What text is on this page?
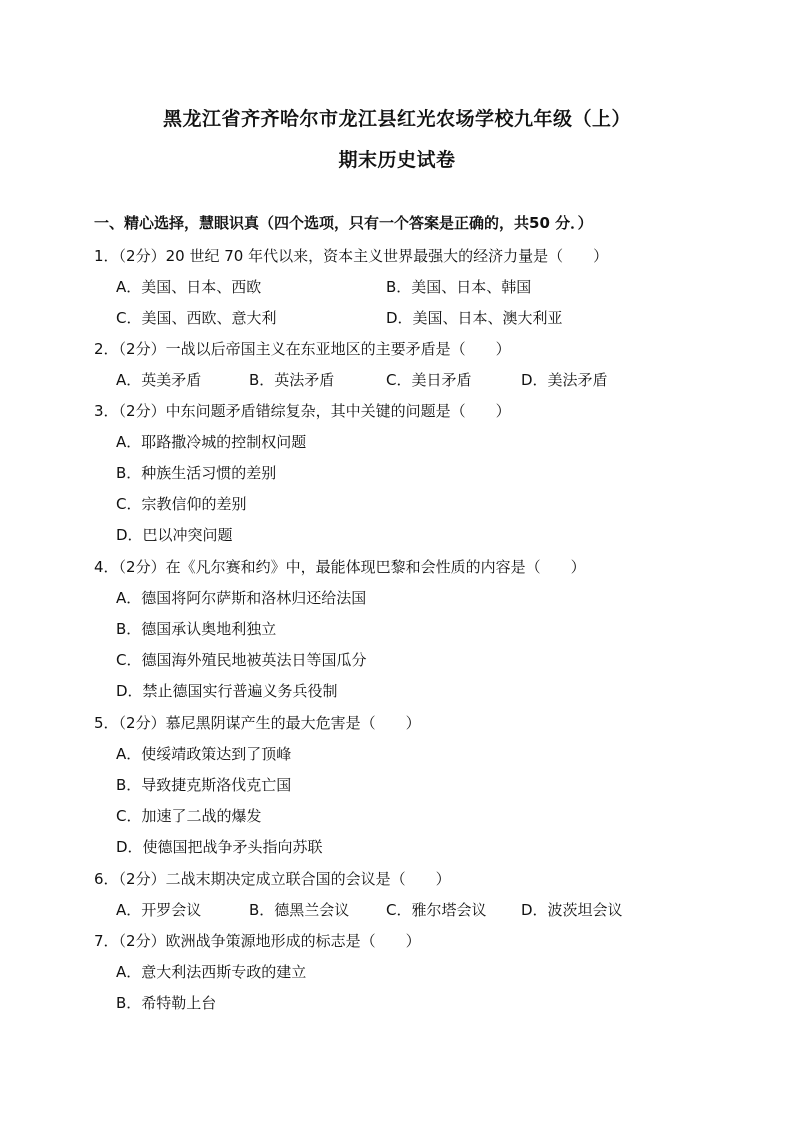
黑龙江省齐齐哈尔市龙江县红光农场学校九年级（上）
期末历史试卷
一、精心选择，慧眼识真（四个选项，只有一个答案是正确的，共50 分．）
1．（2分）20 世纪 70 年代以来，资本主义世界最强大的经济力量是（　　）
A．美国、日本、西欧	B．美国、日本、韩国
C．美国、西欧、意大利	D．美国、日本、澳大利亚
2．（2分）一战以后帝国主义在东亚地区的主要矛盾是（　　）
A．英美矛盾	B．英法矛盾	C．美日矛盾	D．美法矛盾
3．（2分）中东问题矛盾错综复杂，其中关键的问题是（　　）
A．耶路撒冷城的控制权问题
B．种族生活习惯的差别
C．宗教信仰的差别
D．巴以冲突问题
4．（2分）在《凡尔赛和约》中，最能体现巴黎和会性质的内容是（　　）
A．德国将阿尔萨斯和洛林归还给法国
B．德国承认奥地利独立
C．德国海外殖民地被英法日等国瓜分
D．禁止德国实行普遍义务兵役制
5．（2分）慕尼黑阴谋产生的最大危害是（　　）
A．使绥靖政策达到了顶峰
B．导致捷克斯洛伐克亡国
C．加速了二战的爆发
D．使德国把战争矛头指向苏联
6．（2分）二战末期决定成立联合国的会议是（　　）
A．开罗会议	B．德黑兰会议 C．雅尔塔会议 D．波茨坦会议
7．（2分）欧洲战争策源地形成的标志是（　　）
A．意大利法西斯专政的建立
B．希特勒上台
